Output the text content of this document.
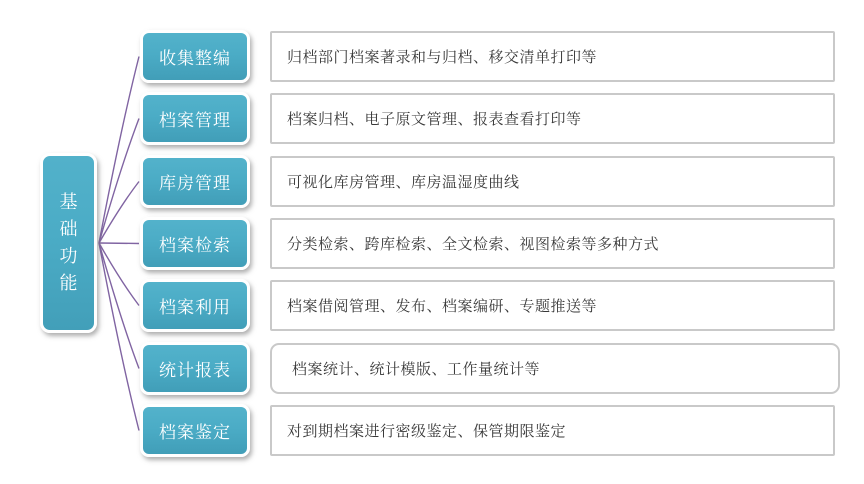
基
础
功
能
收集整编
档案管理
库房管理
档案检索
档案利用
统计报表
档案鉴定
归档部门档案著录和与归档、移交清单打印等
档案归档、电子原文管理、报表查看打印等
可视化库房管理、库房温湿度曲线
分类检索、跨库检索、全文检索、视图检索等多种方式
档案借阅管理、发布、档案编研、专题推送等
档案统计、统计模版、工作量统计等
对到期档案进行密级鉴定、保管期限鉴定
